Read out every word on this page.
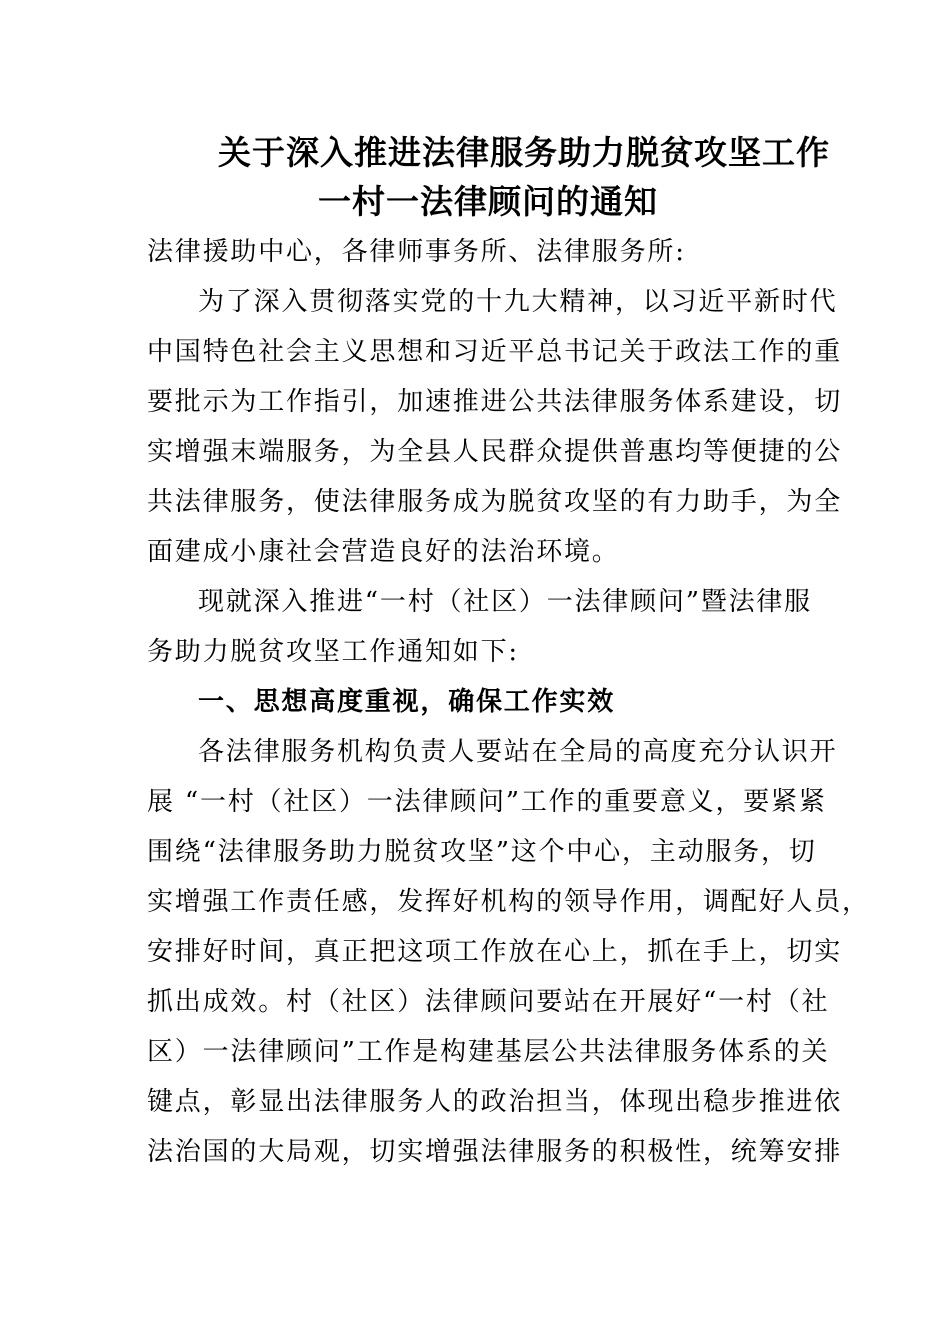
关于深入推进法律服务助力脱贫攻坚工作
一村一法律顾问的通知
法律援助中心，各律师事务所、法律服务所:
为了深入贯彻落实党的十九大精神，以习近平新时代
中国特色社会主义思想和习近平总书记关于政法工作的重
要批示为工作指引，加速推进公共法律服务体系建设，切
实增强末端服务，为全县人民群众提供普惠均等便捷的公
共法律服务，使法律服务成为脱贫攻坚的有力助手，为全
面建成小康社会营造良好的法治环境。
现就深入推进“一村（社区）一法律顾问”暨法律服
务助力脱贫攻坚工作通知如下:
一、思想高度重视，确保工作实效
各法律服务机构负责人要站在全局的高度充分认识开
展 “一村（社区）一法律顾问”工作的重要意义，要紧紧
围绕“法律服务助力脱贫攻坚”这个中心，主动服务，切
实增强工作责任感，发挥好机构的领导作用，调配好人员，
安排好时间，真正把这项工作放在心上，抓在手上，切实
抓出成效。村（社区）法律顾问要站在开展好“一村（社
区）一法律顾问”工作是构建基层公共法律服务体系的关
键点，彰显出法律服务人的政治担当，体现出稳步推进依
法治国的大局观，切实增强法律服务的积极性，统筹安排
